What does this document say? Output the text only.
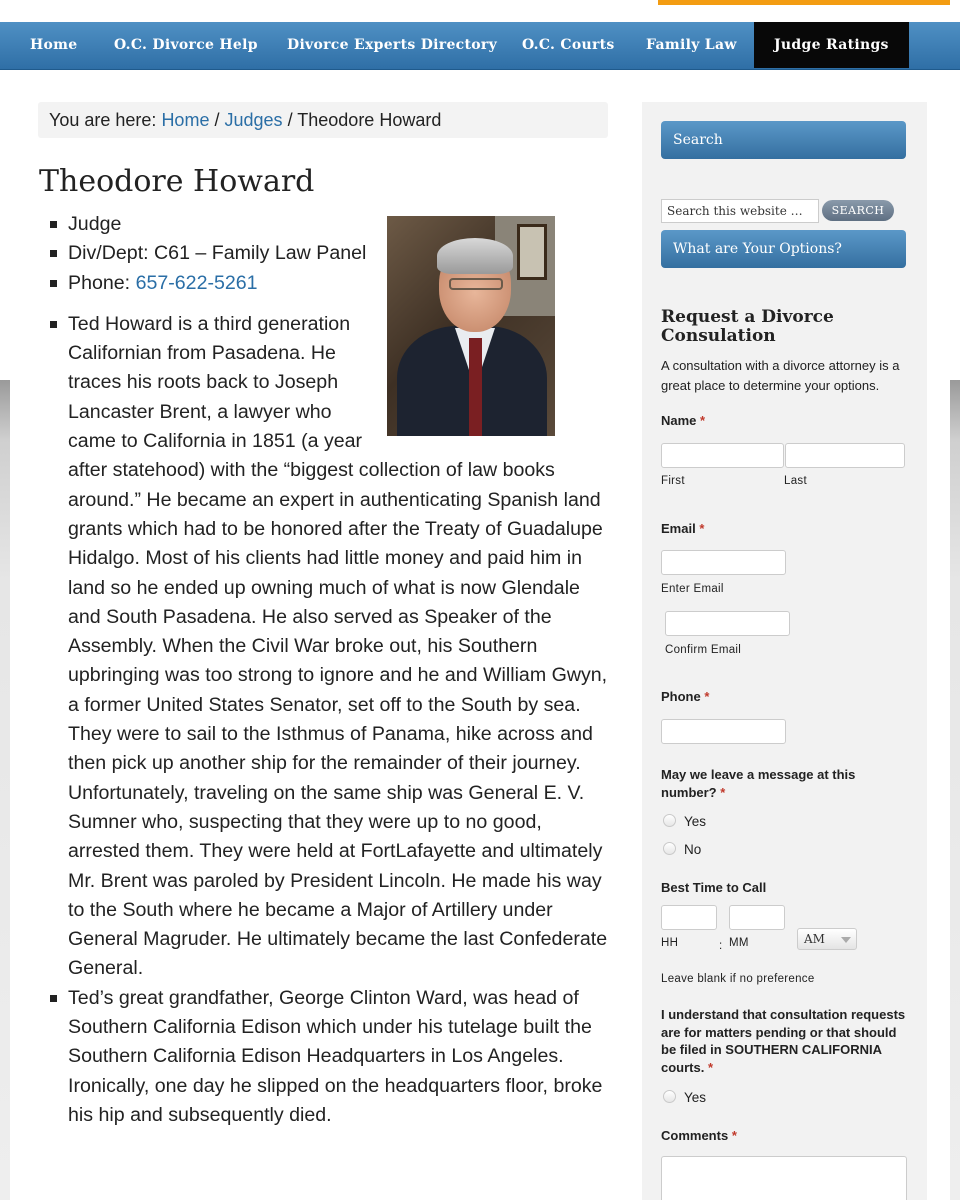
Home	O.C. Divorce Help Divorce Experts Directory O.C. Courts Family Law	Judge Ratings
You are here: Home / Judges / Theodore Howard
Theodore Howard
Judge
Div/Dept: C61 – Family Law Panel
Phone: 657-622-5261
Ted Howard is a third generation Californian from Pasadena. He traces his roots back to Joseph Lancaster Brent, a lawyer who came to California in 1851 (a year after statehood) with the “biggest collection of law books around.” He became an expert in authenticating Spanish land grants which had to be honored after the Treaty of Guadalupe Hidalgo. Most of his clients had little money and paid him in land so he ended up owning much of what is now Glendale and South Pasadena. He also served as Speaker of the Assembly. When the Civil War broke out, his Southern upbringing was too strong to ignore and he and William Gwyn, a former United States Senator, set off to the South by sea. They were to sail to the Isthmus of Panama, hike across and then pick up another ship for the remainder of their journey. Unfortunately, traveling on the same ship was General E. V. Sumner who, suspecting that they were up to no good, arrested them. They were held at FortLafayette and ultimately Mr. Brent was paroled by President Lincoln. He made his way to the South where he became a Major of Artillery under General Magruder. He ultimately became the last Confederate General.
Ted’s great grandfather, George Clinton Ward, was head of Southern California Edison which under his tutelage built the Southern California Edison Headquarters in Los Angeles. Ironically, one day he slipped on the headquarters floor, broke his hip and subsequently died.
Search
Search this website …	SEARCH
What are Your Options?
Request a Divorce Consulation
A consultation with a divorce attorney is a great place to determine your options.
Name *
First	Last
Email *
Enter Email
Confirm Email
Phone *
May we leave a message at this number? *
Yes
No
Best Time to Call
AM
HH	: MM
Leave blank if no preference
I understand that consultation requests are for matters pending or that should be filed in SOUTHERN CALIFORNIA courts. *
Yes
Comments *
